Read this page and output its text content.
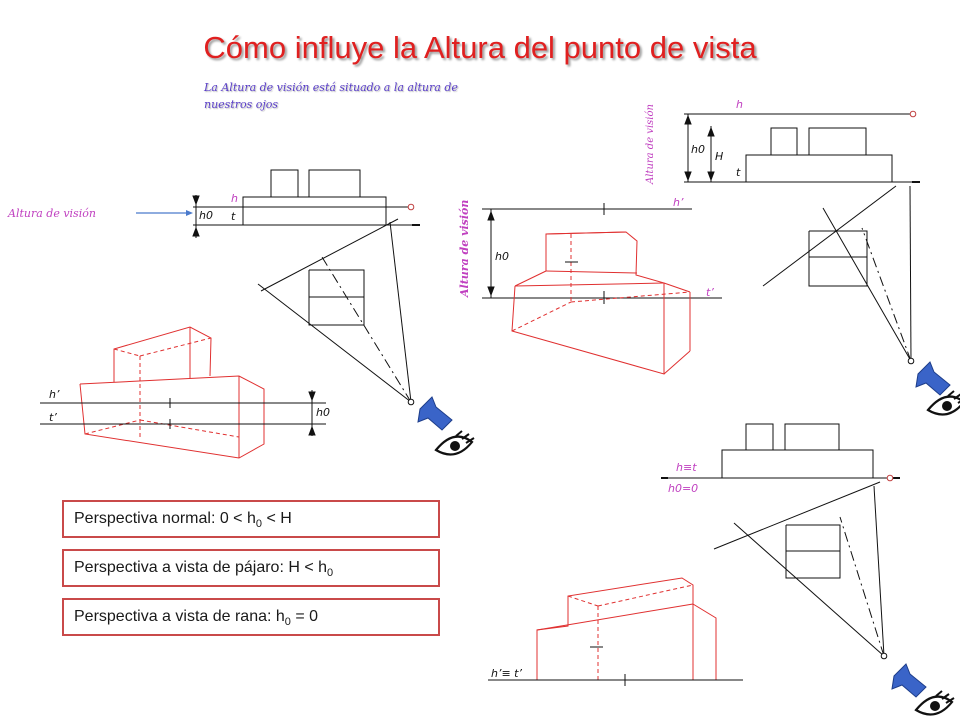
Cómo influye la Altura del punto de vista
La Altura de visión está situado a la altura de nuestros ojos
h
h0 t
Altura de visión
h’
t’	h0
h’
h0
t’
Altura de visión
h
h0
H
t
Altura de visión
h≡t
h0=0
h’≡ t’
Perspectiva normal: $0 < h_0 < H$
Perspectiva a vista de pájaro: $H < h_0$
Perspectiva a vista de rana: $h_0 = 0$
